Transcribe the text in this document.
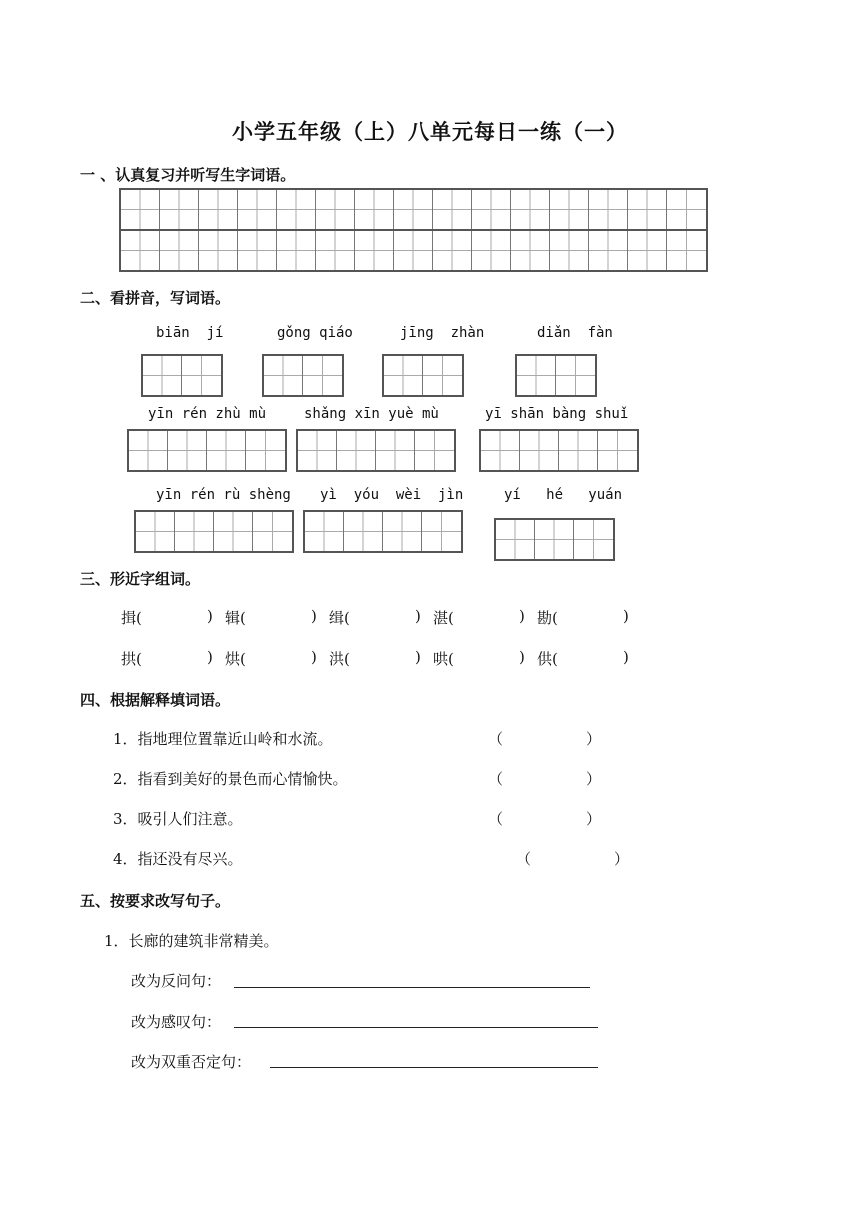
小学五年级（上）八单元每日一练（一）
一 、认真复习并听写生字词语。
二、看拼音，写词语。
biān  jí	gǒng qiáo	jīng  zhàn	diǎn  fàn
yīn rén zhù mù	shǎng xīn yuè mù	yī shān bàng shuǐ
yīn rén rù shèng yì  yóu  wèi  jìn	yí   hé   yuán
三、形近字组词。
揖(	) 辑(	) 缉(	) 湛(	) 勘(	)
拱(	) 烘(	) 洪(	) 哄(	) 供(	)
四、根据解释填词语。
1．指地理位置靠近山岭和水流。	（	）
2．指看到美好的景色而心情愉快。	（	）
3．吸引人们注意。	（	）
4．指还没有尽兴。	（	）
五、按要求改写句子。
1．长廊的建筑非常精美。
改为反问句：
改为感叹句：
改为双重否定句：
